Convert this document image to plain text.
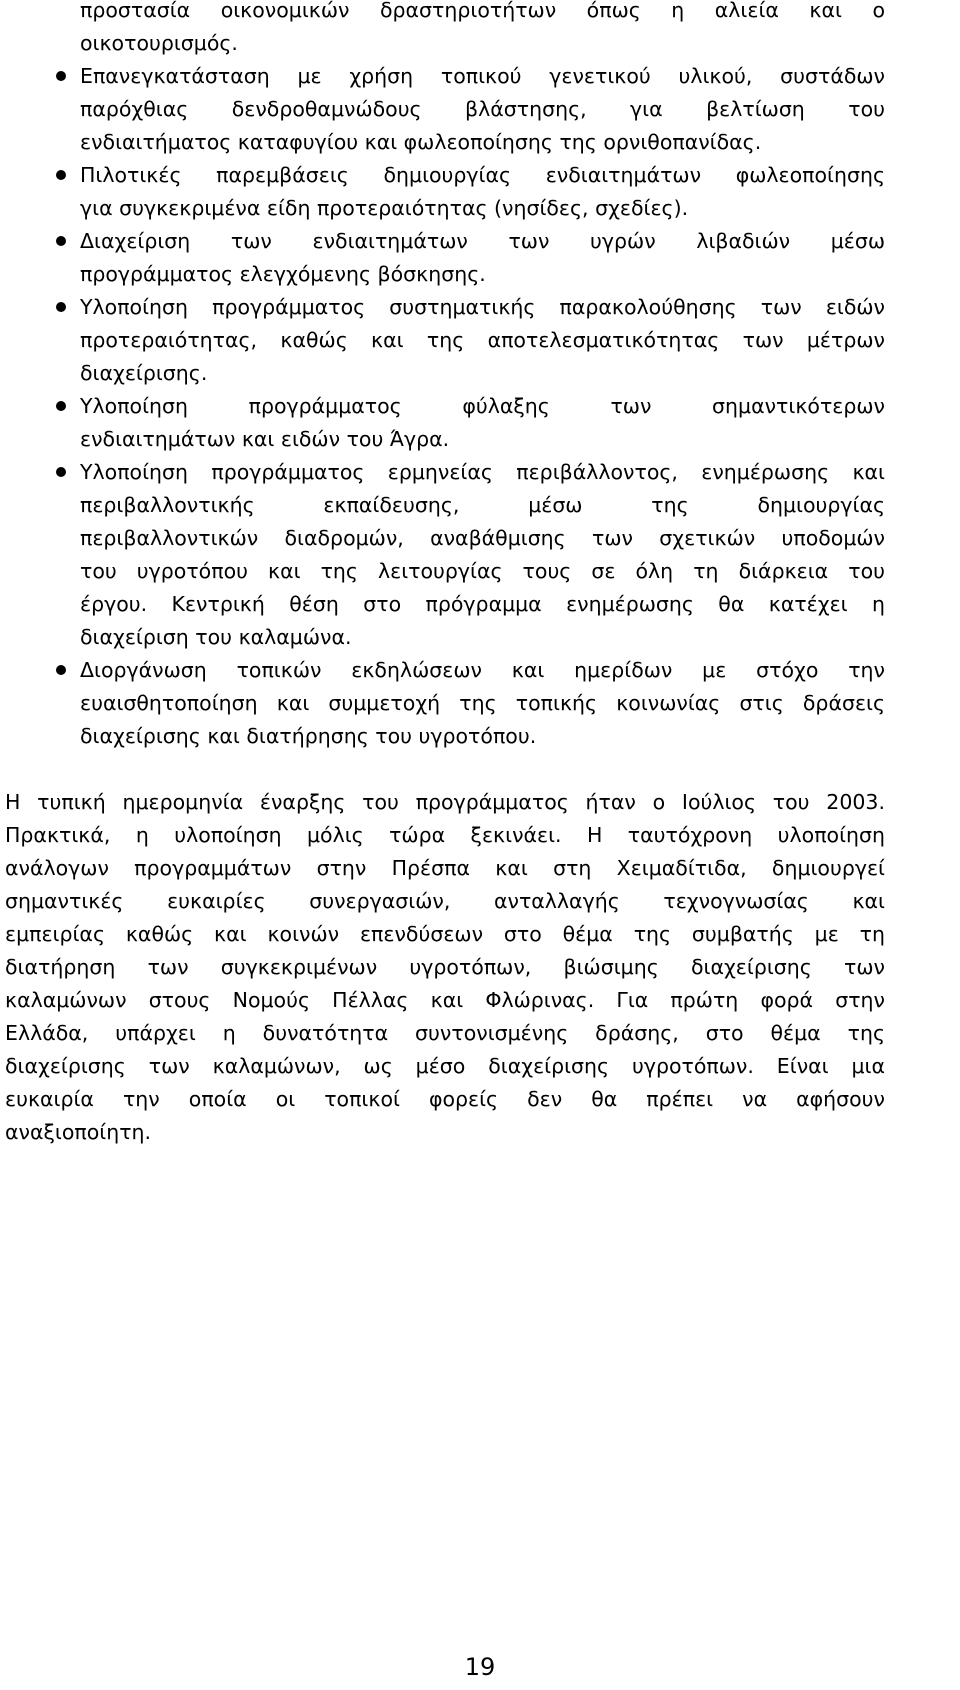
προστασία οικονομικών δραστηριοτήτων όπως η αλιεία και ο
οικοτουρισμός.
Επανεγκατάσταση με χρήση τοπικού γενετικού υλικού, συστάδων
παρόχθιας δενδροθαμνώδους βλάστησης, για βελτίωση του
ενδιαιτήματος καταφυγίου και φωλεοποίησης της ορνιθοπανίδας.
Πιλοτικές παρεμβάσεις δημιουργίας ενδιαιτημάτων φωλεοποίησης
για συγκεκριμένα είδη προτεραιότητας (νησίδες, σχεδίες).
Διαχείριση των ενδιαιτημάτων των υγρών λιβαδιών μέσω
προγράμματος ελεγχόμενης βόσκησης.
Υλοποίηση προγράμματος συστηματικής παρακολούθησης των ειδών
προτεραιότητας, καθώς και της αποτελεσματικότητας των μέτρων
διαχείρισης.
Υλοποίηση προγράμματος φύλαξης των σημαντικότερων
ενδιαιτημάτων και ειδών του Άγρα.
Υλοποίηση προγράμματος ερμηνείας περιβάλλοντος, ενημέρωσης και
περιβαλλοντικής εκπαίδευσης, μέσω της δημιουργίας
περιβαλλοντικών διαδρομών, αναβάθμισης των σχετικών υποδομών
του υγροτόπου και της λειτουργίας τους σε όλη τη διάρκεια του
έργου. Κεντρική θέση στο πρόγραμμα ενημέρωσης θα κατέχει η
διαχείριση του καλαμώνα.
Διοργάνωση τοπικών εκδηλώσεων και ημερίδων με στόχο την
ευαισθητοποίηση και συμμετοχή της τοπικής κοινωνίας στις δράσεις
διαχείρισης και διατήρησης του υγροτόπου.
Η τυπική ημερομηνία έναρξης του προγράμματος ήταν ο Ιούλιος του 2003.
Πρακτικά, η υλοποίηση μόλις τώρα ξεκινάει. Η ταυτόχρονη υλοποίηση
ανάλογων προγραμμάτων στην Πρέσπα και στη Χειμαδίτιδα, δημιουργεί
σημαντικές ευκαιρίες συνεργασιών, ανταλλαγής τεχνογνωσίας και
εμπειρίας καθώς και κοινών επενδύσεων στο θέμα της συμβατής με τη
διατήρηση των συγκεκριμένων υγροτόπων, βιώσιμης διαχείρισης των
καλαμώνων στους Νομούς Πέλλας και Φλώρινας. Για πρώτη φορά στην
Ελλάδα, υπάρχει η δυνατότητα συντονισμένης δράσης, στο θέμα της
διαχείρισης των καλαμώνων, ως μέσο διαχείρισης υγροτόπων. Είναι μια
ευκαιρία την οποία οι τοπικοί φορείς δεν θα πρέπει να αφήσουν
αναξιοποίητη.
19
